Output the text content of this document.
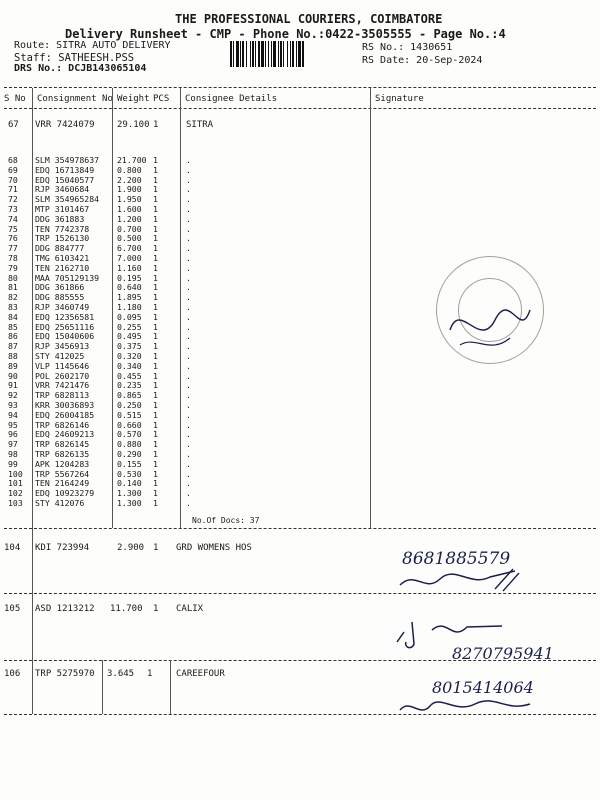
THE PROFESSIONAL COURIERS, COIMBATORE
Delivery Runsheet - CMP - Phone No.:0422-3505555 - Page No.:4
Route: SITRA AUTO DELIVERY
Staff: SATHEESH.PSS
DRS No.: DCJB143065104
RS No.: 1430651
RS Date: 20-Sep-2024
S No Consignment No Weight PCS Consignee Details	Signature
67 VRR 7424079 29.100 1	SITRA
68 SLM 354978637 21.700 1	.
69 EDQ 16713849	0.800 1	.
70 EDQ 15040577	2.200 1	.
71 RJP 3460684	1.900 1	.
72 SLM 354965284 1.950 1	.
73 MTP 3101467	1.600 1	.
74 DDG 361883	1.200 1	.
75 TEN 7742378	0.700 1	.
76 TRP 1526130	0.500 1	.
77 DDG 884777	6.700 1	.
78 TMG 6103421	7.000 1	.
79 TEN 2162710	1.160 1	.
80 MAA 705129139 0.195 1	.
81 DDG 361866	0.640 1	.
82 DDG 885555	1.895 1	.
83 RJP 3460749	1.180 1	.
84 EDQ 12356581	0.095 1	.
85 EDQ 25651116	0.255 1	.
86 EDQ 15040606	0.495 1	.
87 RJP 3456913	0.375 1	.
88 STY 412025	0.320 1	.
89 VLP 1145646	0.340 1	.
90 POL 2602170	0.455 1	.
91 VRR 7421476	0.235 1	.
92 TRP 6828113	0.865 1	.
93 KRR 30036893	0.250 1	.
94 EDQ 26004185	0.515 1	.
95 TRP 6826146	0.660 1	.
96 EDQ 24609213	0.570 1	.
97 TRP 6826145	0.880 1	.
98 TRP 6826135	0.290 1	.
99 APK 1204283	0.155 1	.
100 TRP 5567264	0.530 1	.
101 TEN 2164249	0.140 1	.
102 EDQ 10923279	1.300 1	.
103 STY 412076	1.300 1	.
No.Of Docs: 37
104 KDI 723994	2.900 1 GRD WOMENS HOS
8681885579
105 ASD 1213212 11.700 1 CALIX
8270795941
106 TRP 5275970 3.645 1	CAREEFOUR
8015414064
